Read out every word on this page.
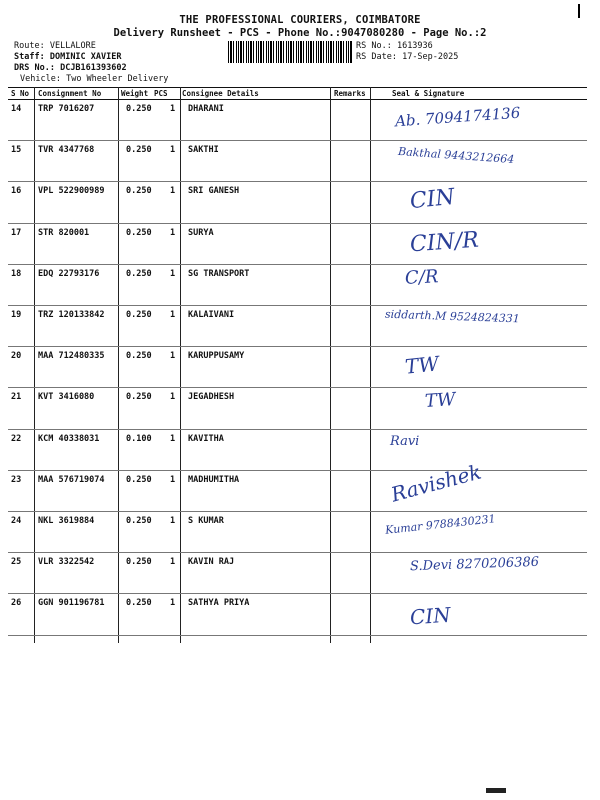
THE PROFESSIONAL COURIERS, COIMBATORE
Delivery Runsheet - PCS - Phone No.:9047080280 - Page No.:2
Route: VELLALORE
Staff: DOMINIC XAVIER
DRS No.: DCJB161393602
Vehicle: Two Wheeler Delivery
RS No.: 1613936
RS Date: 17-Sep-2025
S No Consignment No	Weight PCS Consignee Details	Remarks	Seal & Signature
14 TRP 7016207	0.250 1 DHARANI	Ab. 7094174136
15 TVR 4347768	0.250 1 SAKTHI	Bakthal 9443212664
16 VPL 522900989	0.250 1 SRI GANESH	CIN
17 STR 820001	0.250 1 SURYA	CIN/R
18 EDQ 22793176	0.250 1 SG TRANSPORT	C/R
19 TRZ 120133842	0.250 1 KALAIVANI	siddarth.M 9524824331
20 MAA 712480335	0.250 1 KARUPPUSAMY	TW
21 KVT 3416080	0.250 1 JEGADHESH	TW
22 KCM 40338031	0.100 1 KAVITHA	Ravi
23 MAA 576719074	0.250 1 MADHUMITHA	Ravishek
24 NKL 3619884	0.250 1 S KUMAR	Kumar 9788430231
25 VLR 3322542	0.250 1 KAVIN RAJ	S.Devi 8270206386
26 GGN 901196781	0.250 1 SATHYA PRIYA	CIN
